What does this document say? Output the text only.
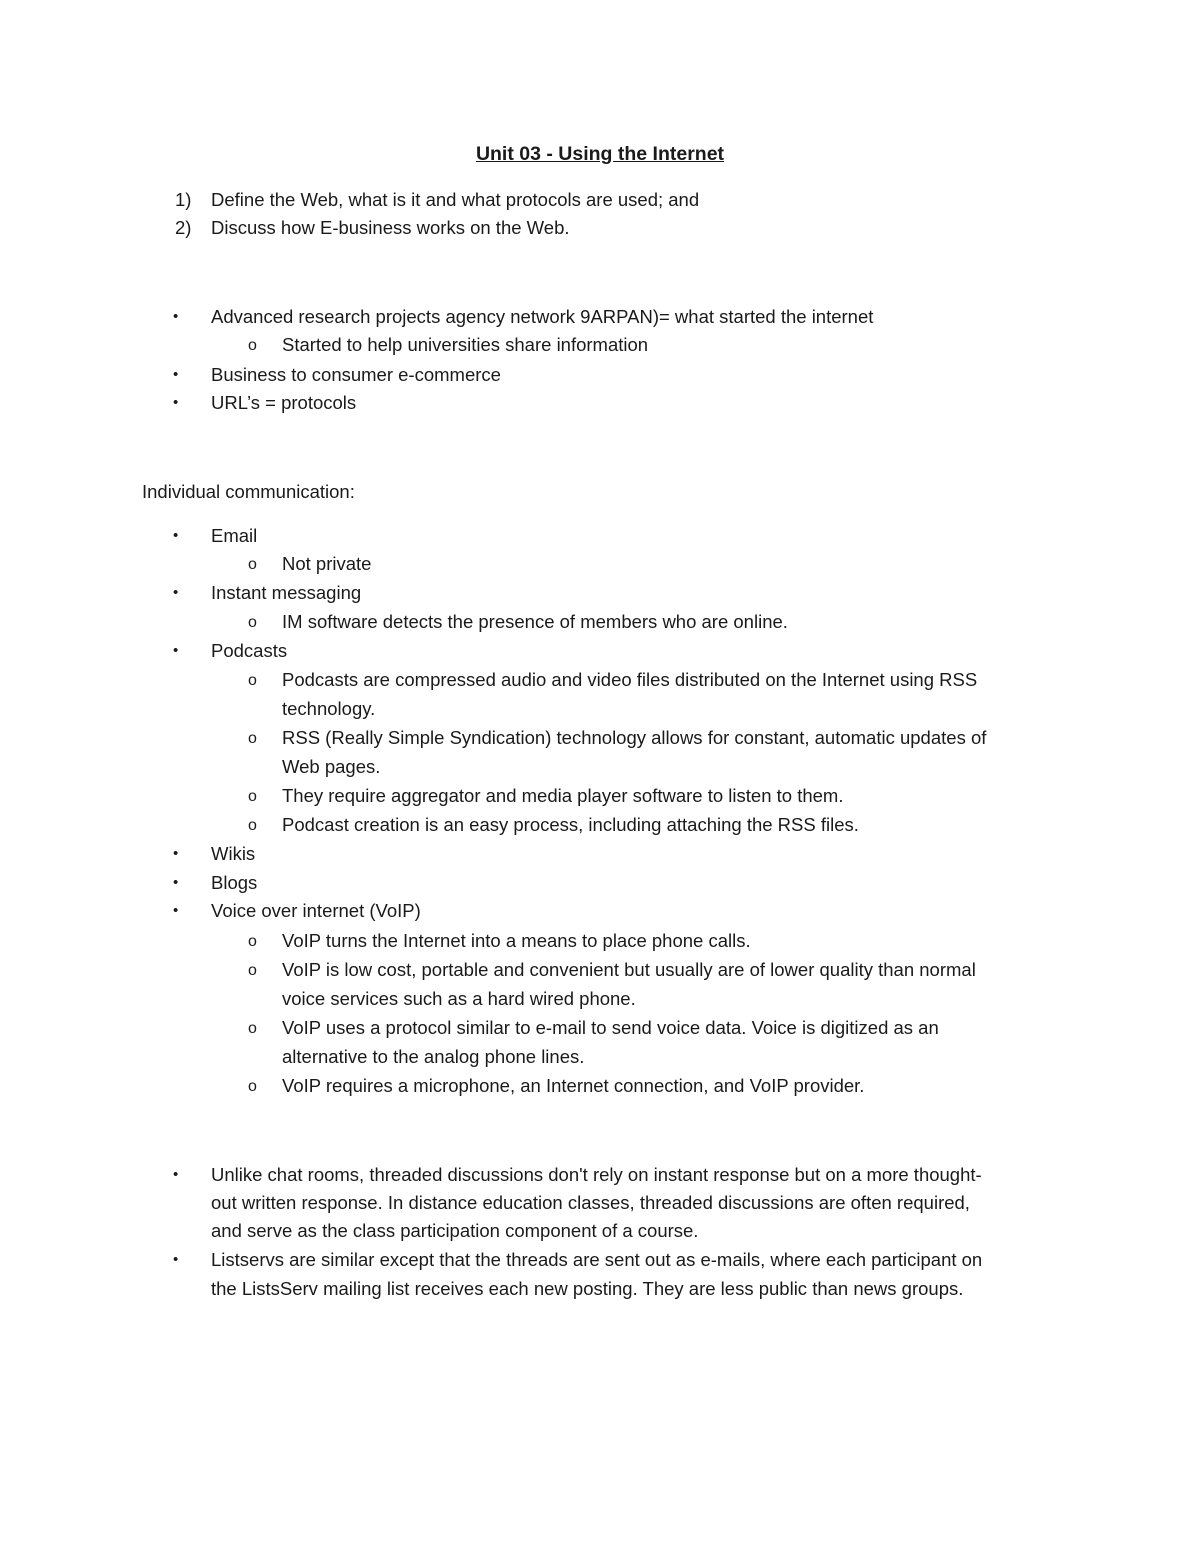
Unit 03 - Using the Internet
1) Define the Web, what is it and what protocols are used; and
2) Discuss how E-business works on the Web.
• Advanced research projects agency network 9ARPAN)= what started the internet
o Started to help universities share information
• Business to consumer e-commerce
• URL’s = protocols
Individual communication:
• Email
o Not private
• Instant messaging
o IM software detects the presence of members who are online.
• Podcasts
o Podcasts are compressed audio and video files distributed on the Internet using RSS
technology.
o RSS (Really Simple Syndication) technology allows for constant, automatic updates of
Web pages.
o They require aggregator and media player software to listen to them.
o Podcast creation is an easy process, including attaching the RSS files.
• Wikis
• Blogs
• Voice over internet (VoIP)
o VoIP turns the Internet into a means to place phone calls.
o VoIP is low cost, portable and convenient but usually are of lower quality than normal
voice services such as a hard wired phone.
o VoIP uses a protocol similar to e-mail to send voice data. Voice is digitized as an
alternative to the analog phone lines.
o VoIP requires a microphone, an Internet connection, and VoIP provider.
• Unlike chat rooms, threaded discussions don't rely on instant response but on a more thought-
out written response. In distance education classes, threaded discussions are often required,
and serve as the class participation component of a course.
• Listservs are similar except that the threads are sent out as e-mails, where each participant on
the ListsServ mailing list receives each new posting. They are less public than news groups.
